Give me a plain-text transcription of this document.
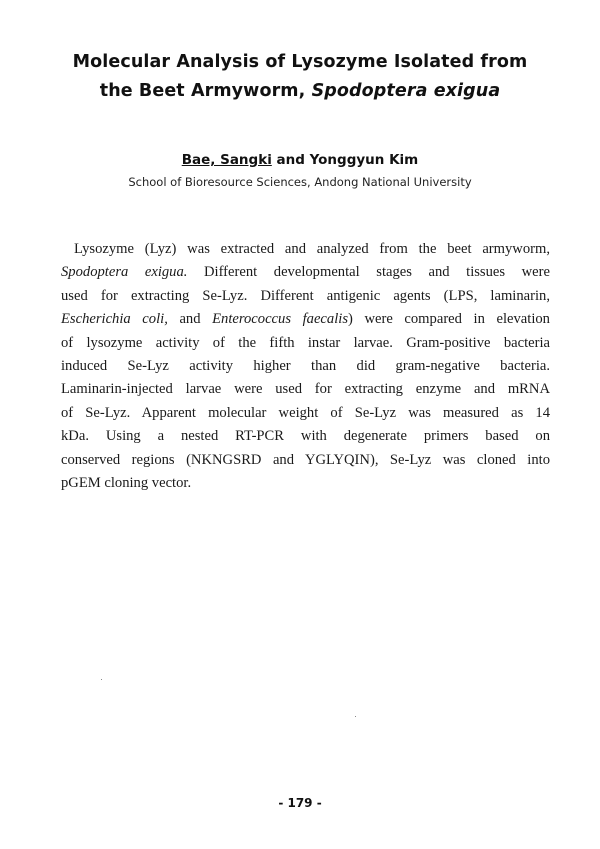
Molecular Analysis of Lysozyme Isolated from
the Beet Armyworm, Spodoptera exigua
Bae, Sangki and Yonggyun Kim
School of Bioresource Sciences, Andong National University
Lysozyme (Lyz) was extracted and analyzed from the beet armyworm,
Spodoptera exigua. Different developmental stages and tissues were
used for extracting Se-Lyz. Different antigenic agents (LPS, laminarin,
Escherichia coli, and Enterococcus faecalis) were compared in elevation
of lysozyme activity of the fifth instar larvae. Gram-positive bacteria
induced Se-Lyz activity higher than did gram-negative bacteria.
Laminarin-injected larvae were used for extracting enzyme and mRNA
of Se-Lyz. Apparent molecular weight of Se-Lyz was measured as 14
kDa. Using a nested RT-PCR with degenerate primers based on
conserved regions (NKNGSRD and YGLYQIN), Se-Lyz was cloned into
pGEM cloning vector.
- 179 -
